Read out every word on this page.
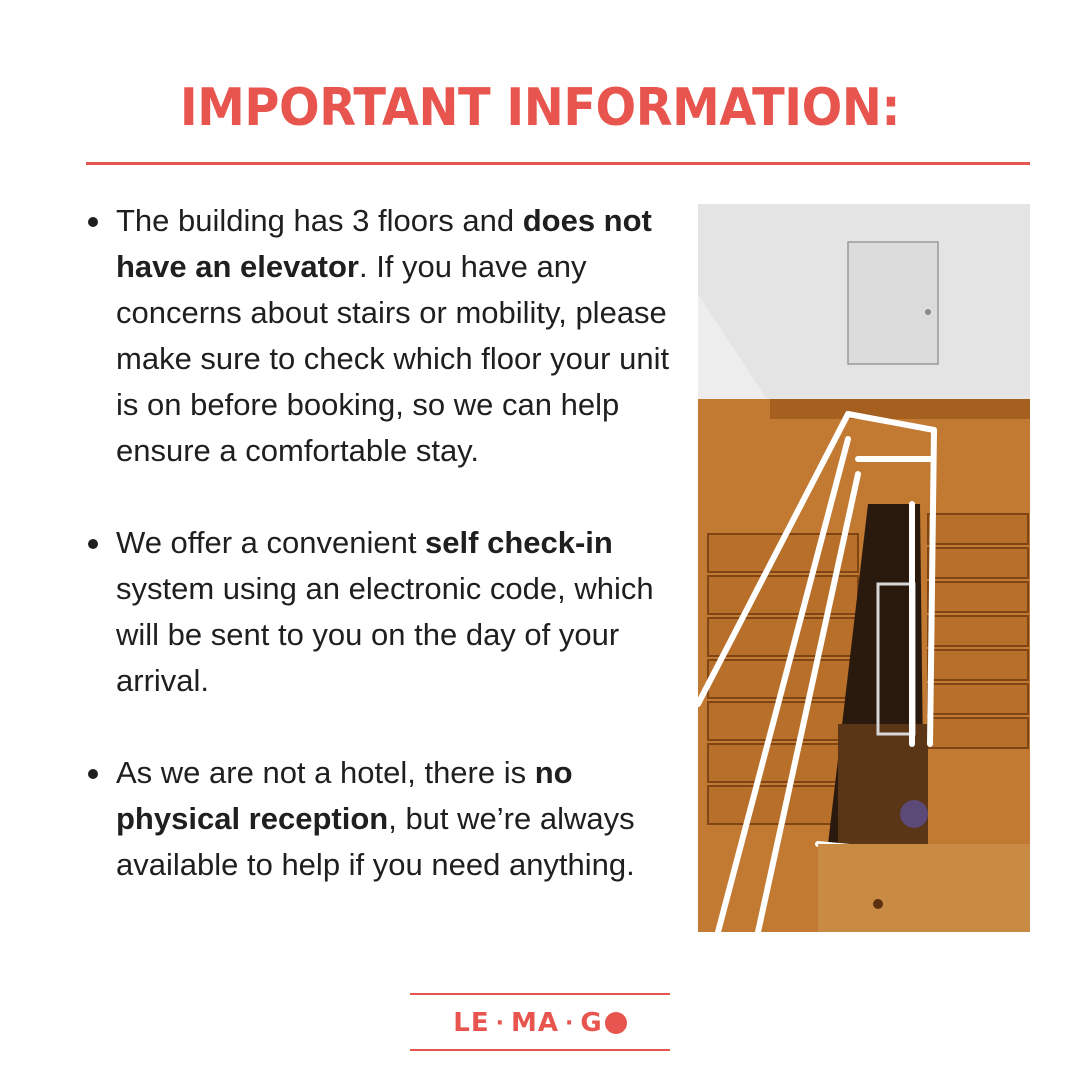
IMPORTANT INFORMATION:
The building has 3 floors and does not have an elevator. If you have any concerns about stairs or mobility, please make sure to check which floor your unit is on before booking, so we can help ensure a comfortable stay.
We offer a convenient self check-in system using an electronic code, which will be sent to you on the day of your arrival.
As we are not a hotel, there is no physical reception, but we’re always available to help if you need anything.
LE · MA · G
